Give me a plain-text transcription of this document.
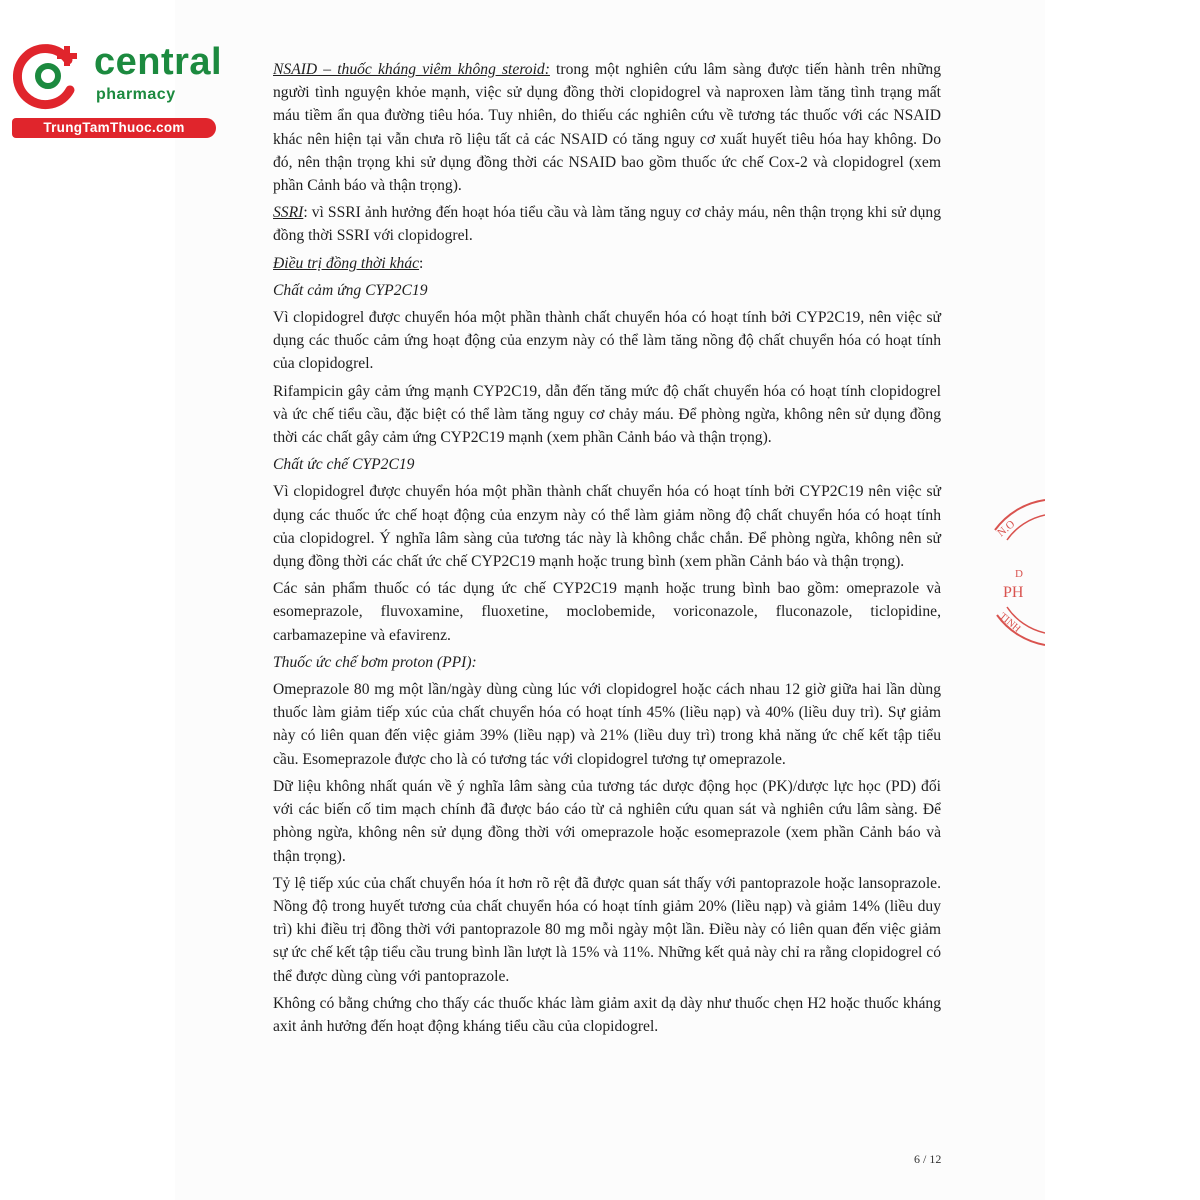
central
pharmacy
TrungTamThuoc.com

NSAID – thuốc kháng viêm không steroid: trong một nghiên cứu lâm sàng được tiến hành trên những người tình nguyện khỏe mạnh, việc sử dụng đồng thời clopidogrel và naproxen làm tăng tình trạng mất máu tiềm ẩn qua đường tiêu hóa. Tuy nhiên, do thiếu các nghiên cứu về tương tác thuốc với các NSAID khác nên hiện tại vẫn chưa rõ liệu tất cả các NSAID có tăng nguy cơ xuất huyết tiêu hóa hay không. Do đó, nên thận trọng khi sử dụng đồng thời các NSAID bao gồm thuốc ức chế Cox-2 và clopidogrel (xem phần Cảnh báo và thận trọng).

SSRI: vì SSRI ảnh hưởng đến hoạt hóa tiểu cầu và làm tăng nguy cơ chảy máu, nên thận trọng khi sử dụng đồng thời SSRI với clopidogrel.

Điều trị đồng thời khác:

Chất cảm ứng CYP2C19

Vì clopidogrel được chuyển hóa một phần thành chất chuyển hóa có hoạt tính bởi CYP2C19, nên việc sử dụng các thuốc cảm ứng hoạt động của enzym này có thể làm tăng nồng độ chất chuyển hóa có hoạt tính của clopidogrel.

Rifampicin gây cảm ứng mạnh CYP2C19, dẫn đến tăng mức độ chất chuyển hóa có hoạt tính clopidogrel và ức chế tiểu cầu, đặc biệt có thể làm tăng nguy cơ chảy máu. Để phòng ngừa, không nên sử dụng đồng thời các chất gây cảm ứng CYP2C19 mạnh (xem phần Cảnh báo và thận trọng).

Chất ức chế CYP2C19

Vì clopidogrel được chuyển hóa một phần thành chất chuyển hóa có hoạt tính bởi CYP2C19 nên việc sử dụng các thuốc ức chế hoạt động của enzym này có thể làm giảm nồng độ chất chuyển hóa có hoạt tính của clopidogrel. Ý nghĩa lâm sàng của tương tác này là không chắc chắn. Để phòng ngừa, không nên sử dụng đồng thời các chất ức chế CYP2C19 mạnh hoặc trung bình (xem phần Cảnh báo và thận trọng).

Các sản phẩm thuốc có tác dụng ức chế CYP2C19 mạnh hoặc trung bình bao gồm: omeprazole và esomeprazole, fluvoxamine, fluoxetine, moclobemide, voriconazole, fluconazole, ticlopidine, carbamazepine và efavirenz.

Thuốc ức chế bơm proton (PPI):

Omeprazole 80 mg một lần/ngày dùng cùng lúc với clopidogrel hoặc cách nhau 12 giờ giữa hai lần dùng thuốc làm giảm tiếp xúc của chất chuyển hóa có hoạt tính 45% (liều nạp) và 40% (liều duy trì). Sự giảm này có liên quan đến việc giảm 39% (liều nạp) và 21% (liều duy trì) trong khả năng ức chế kết tập tiểu cầu. Esomeprazole được cho là có tương tác với clopidogrel tương tự omeprazole.

Dữ liệu không nhất quán về ý nghĩa lâm sàng của tương tác dược động học (PK)/dược lực học (PD) đối với các biến cố tim mạch chính đã được báo cáo từ cả nghiên cứu quan sát và nghiên cứu lâm sàng. Để phòng ngừa, không nên sử dụng đồng thời với omeprazole hoặc esomeprazole (xem phần Cảnh báo và thận trọng).

Tỷ lệ tiếp xúc của chất chuyển hóa ít hơn rõ rệt đã được quan sát thấy với pantoprazole hoặc lansoprazole. Nồng độ trong huyết tương của chất chuyển hóa có hoạt tính giảm 20% (liều nạp) và giảm 14% (liều duy trì) khi điều trị đồng thời với pantoprazole 80 mg mỗi ngày một lần. Điều này có liên quan đến việc giảm sự ức chế kết tập tiểu cầu trung bình lần lượt là 15% và 11%. Những kết quả này chỉ ra rằng clopidogrel có thể được dùng cùng với pantoprazole.

Không có bằng chứng cho thấy các thuốc khác làm giảm axit dạ dày như thuốc chẹn H2 hoặc thuốc kháng axit ảnh hưởng đến hoạt động kháng tiểu cầu của clopidogrel.

N.O
D
PH
TINH
6 / 12
